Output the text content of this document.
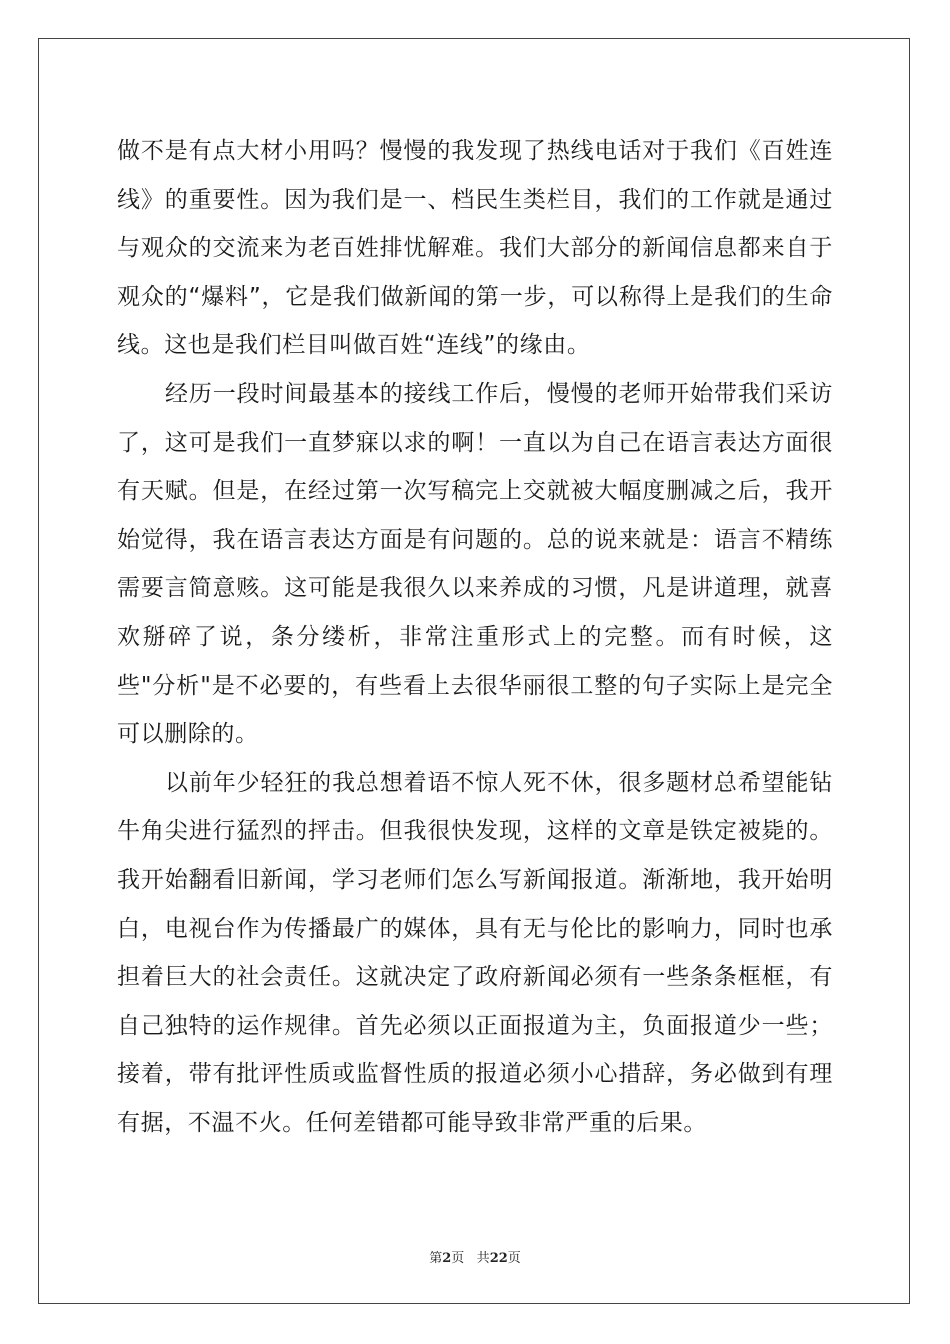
做不是有点大材小用吗？慢慢的我发现了热线电话对于我们《百姓连线》的重要性。因为我们是一、档民生类栏目，我们的工作就是通过与观众的交流来为老百姓排忧解难。我们大部分的新闻信息都来自于观众的“爆料”，它是我们做新闻的第一步，可以称得上是我们的生命线。这也是我们栏目叫做百姓“连线”的缘由。

经历一段时间最基本的接线工作后，慢慢的老师开始带我们采访了，这可是我们一直梦寐以求的啊！一直以为自己在语言表达方面很有天赋。但是，在经过第一次写稿完上交就被大幅度删减之后，我开始觉得，我在语言表达方面是有问题的。总的说来就是：语言不精练需要言简意赅。这可能是我很久以来养成的习惯，凡是讲道理，就喜欢掰碎了说，条分缕析，非常注重形式上的完整。而有时候，这些"分析"是不必要的，有些看上去很华丽很工整的句子实际上是完全可以删除的。

以前年少轻狂的我总想着语不惊人死不休，很多题材总希望能钻牛角尖进行猛烈的抨击。但我很快发现，这样的文章是铁定被毙的。我开始翻看旧新闻，学习老师们怎么写新闻报道。渐渐地，我开始明白，电视台作为传播最广的媒体，具有无与伦比的影响力，同时也承担着巨大的社会责任。这就决定了政府新闻必须有一些条条框框，有自己独特的运作规律。首先必须以正面报道为主，负面报道少一些；接着，带有批评性质或监督性质的报道必须小心措辞，务必做到有理有据，不温不火。任何差错都可能导致非常严重的后果。

第2页 共22页
